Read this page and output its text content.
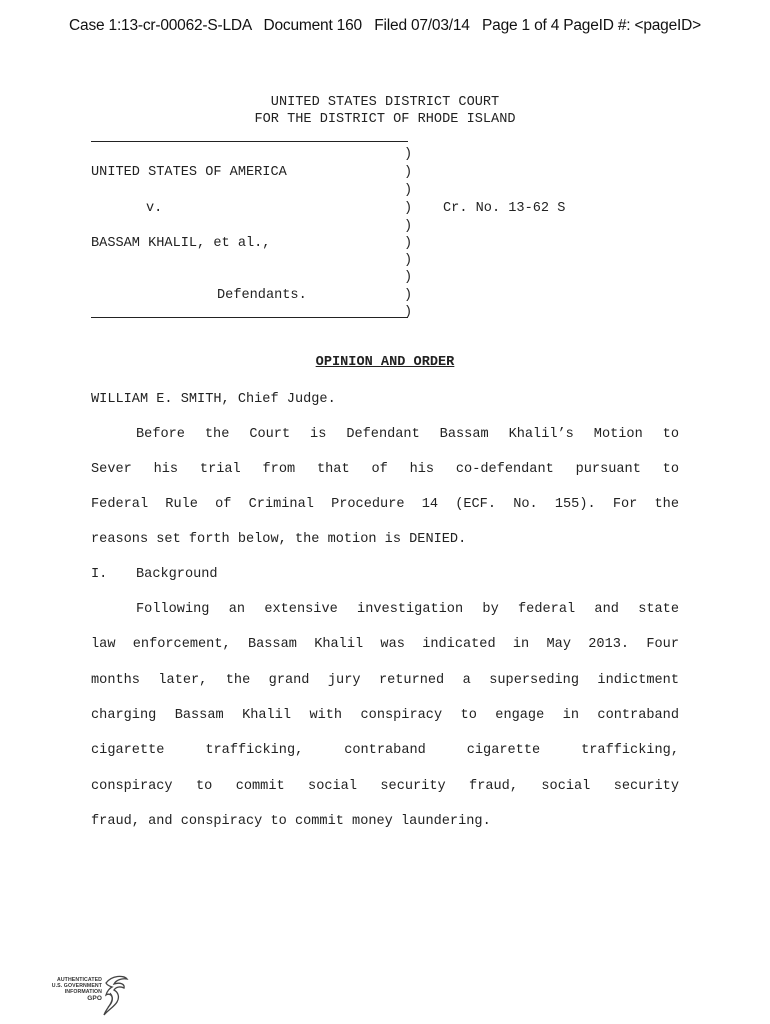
Case 1:13-cr-00062-S-LDA Document 160 Filed 07/03/14 Page 1 of 4 PageID #: <pageID>
UNITED STATES DISTRICT COURT
FOR THE DISTRICT OF RHODE ISLAND
)
)
)
)
)
)
)
)
)
)
UNITED STATES OF AMERICA
v.	Cr. No. 13-62 S
BASSAM KHALIL, et al.,
Defendants.
OPINION AND ORDER
WILLIAM E. SMITH, Chief Judge.
Before the Court is Defendant Bassam Khalil’s Motion to
Sever his trial from that of his co-defendant pursuant to
Federal Rule of Criminal Procedure 14 (ECF. No. 155). For the
reasons set forth below, the motion is DENIED.
I.	Background
Following an extensive investigation by federal and state
law enforcement, Bassam Khalil was indicated in May 2013. Four
months later, the grand jury returned a superseding indictment
charging Bassam Khalil with conspiracy to engage in contraband
cigarette trafficking, contraband cigarette trafficking,
conspiracy to commit social security fraud, social security
fraud, and conspiracy to commit money laundering.
AUTHENTICATED
U.S. GOVERNMENT
INFORMATION
GPO
